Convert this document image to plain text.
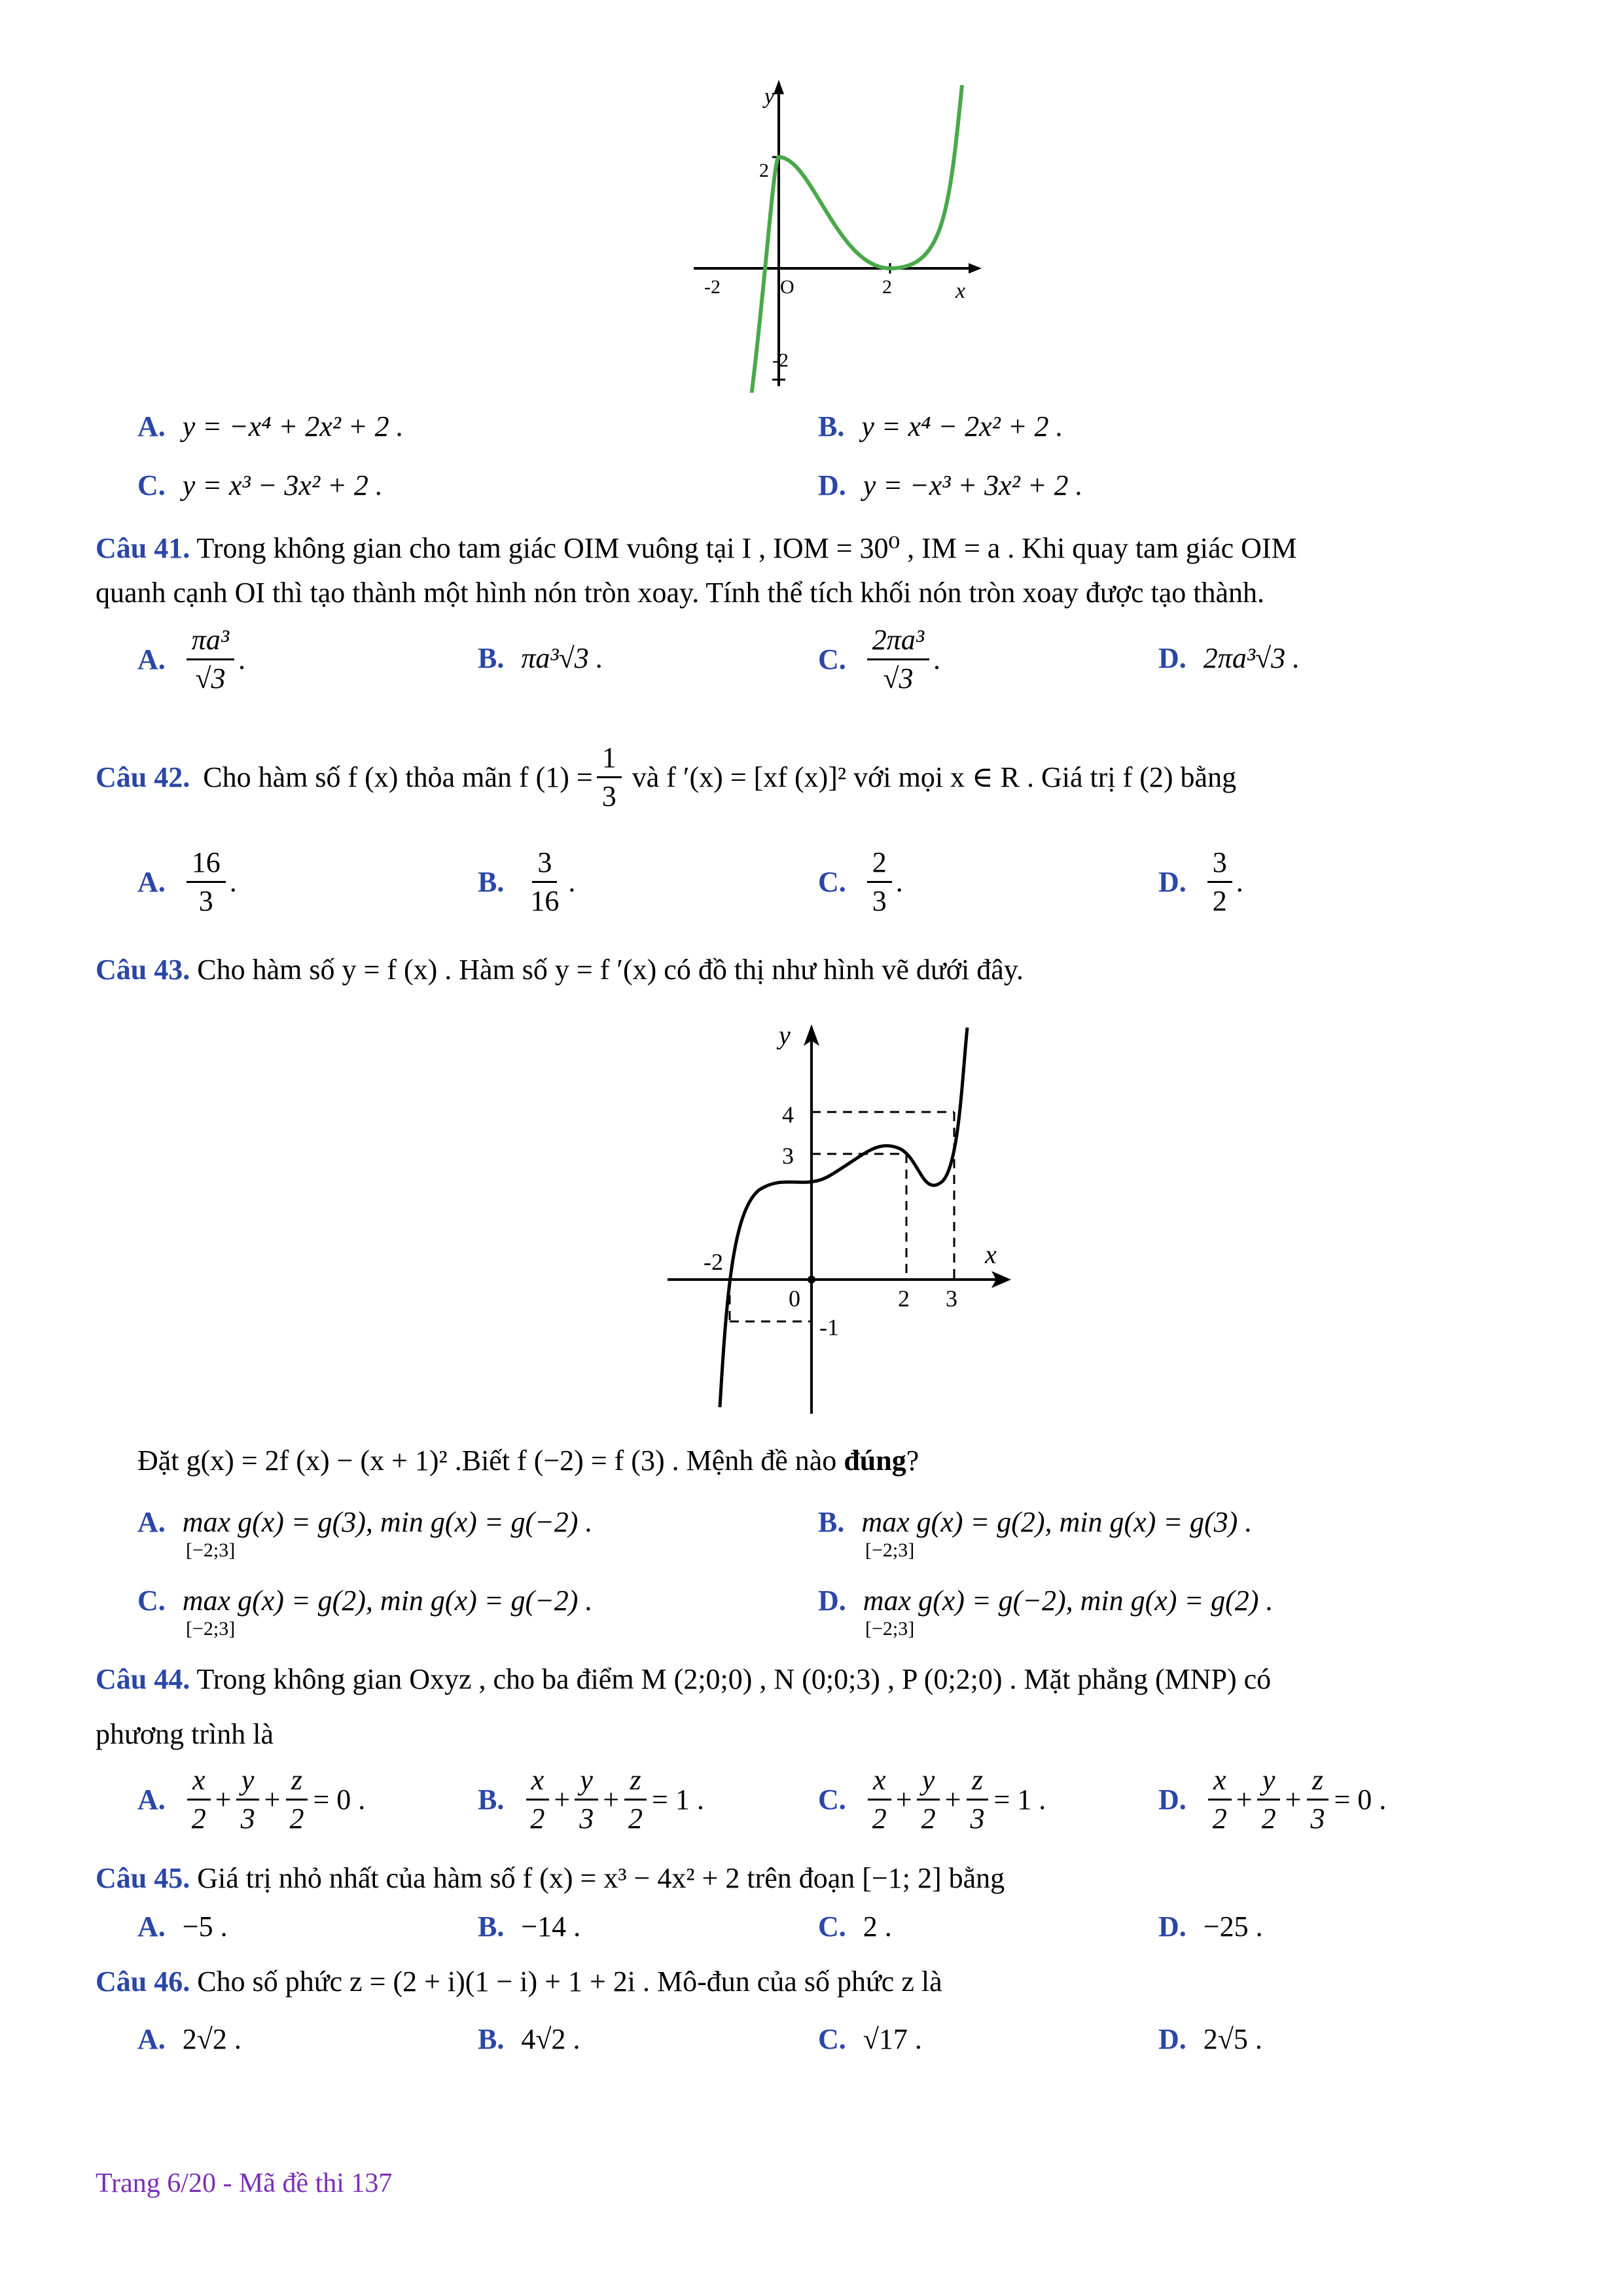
y
x
-2	O	2
2
-2
A. y = −x⁴ + 2x² + 2 .	B. y = x⁴ − 2x² + 2 .
C. y = x³ − 3x² + 2 .	D. y = −x³ + 3x² + 2 .
Câu 41. Trong không gian cho tam giác OIM vuông tại I , IOM = 30⁰ , IM = a . Khi quay tam giác OIM
quanh cạnh OI thì tạo thành một hình nón tròn xoay. Tính thể tích khối nón tròn xoay được tạo thành.
A. $\frac{\text{πa³}}{√3}$ .	B. πa³√3 .	C. $\frac{\text{2πa³}}{√3}$ .	D. 2πa³√3 .
Câu 42. Cho hàm số f (x) thỏa mãn f $(1) = \frac{1}{3}$ và f ′(x) = [xf (x)]² với mọi x ∈ R . Giá trị f (2) bằng
A. $\frac{16}{3}$ .	B. $\frac{3}{16}$ .	C. $\frac{2}{3}$ .	D. $\frac{3}{2}$ .
Câu 43. Cho hàm số y = f (x) . Hàm số y = f ′(x) có đồ thị như hình vẽ dưới đây.
y
x
4
3
-2
0	2 3
-1
Đặt g(x) = 2f (x) − (x + 1)² .Biết f (−2) = f (3) . Mệnh đề nào đúng?
A. max g(x) = g(3), min g(x) = g(−2) .
[−2;3]
B. max g(x) = g(2), min g(x) = g(3) .
[−2;3]
C. max g(x) = g(2), min g(x) = g(−2) .
[−2;3]
D. max g(x) = g(−2), min g(x) = g(2) .
[−2;3]
Câu 44. Trong không gian Oxyz , cho ba điểm M (2;0;0) , N (0;0;3) , P (0;2;0) . Mặt phẳng (MNP) có
phương trình là
A. $\frac{x}{2} + \frac{y}{3} + \frac{z}{2} = 0$ .	B. $\frac{x}{2} + \frac{y}{3} + \frac{z}{2} = 1$ .	C. $\frac{x}{2} + \frac{y}{2} + \frac{z}{3} = 1$ .	D. $\frac{x}{2} + \frac{y}{2} + \frac{z}{3} = 0$ .
Câu 45. Giá trị nhỏ nhất của hàm số f (x) = x³ − 4x² + 2 trên đoạn [−1; 2] bằng
A. −5 .	B. −14 .	C. 2 .	D. −25 .
Câu 46. Cho số phức z = (2 + i)(1 − i) + 1 + 2i . Mô-đun của số phức z là
A. 2√2 .	B. 4√2 .	C. √17 .	D. 2√5 .
Trang 6/20 - Mã đề thi 137
